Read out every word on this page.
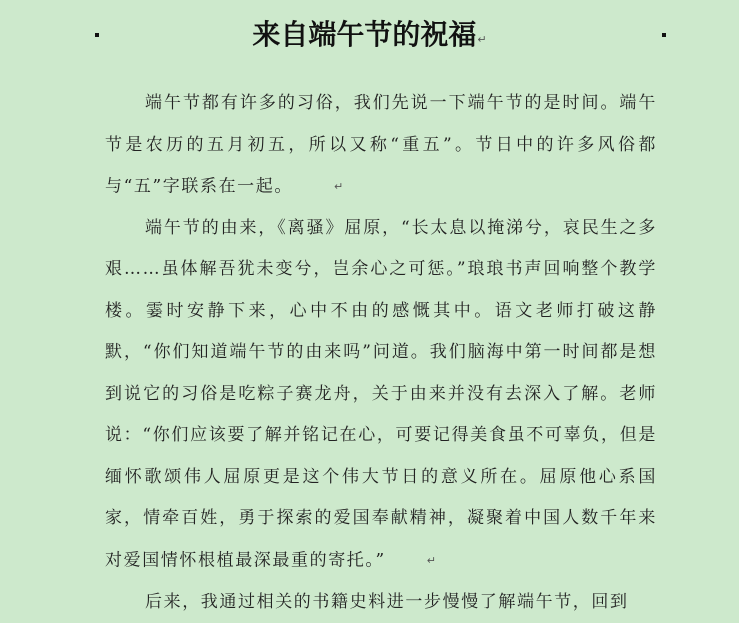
来自端午节的祝福↵

端午节都有许多的习俗，我们先说一下端午节的是时间。端午节是农历的五月初五，所以又称“重五”。节日中的许多风俗都与“五”字联系在一起。	↵

端午节的由来，《离骚》屈原，“长太息以掩涕兮，哀民生之多艰……虽体解吾犹未变兮，岂余心之可惩。”琅琅书声回响整个教学楼。霎时安静下来，心中不由的感慨其中。语文老师打破这静默，“你们知道端午节的由来吗”问道。我们脑海中第一时间都是想到说它的习俗是吃粽子赛龙舟，关于由来并没有去深入了解。老师说：“你们应该要了解并铭记在心，可要记得美食虽不可辜负，但是缅怀歌颂伟人屈原更是这个伟大节日的意义所在。屈原他心系国家，情牵百姓，勇于探索的爱国奉献精神，凝聚着中国人数千年来对爱国情怀根植最深最重的寄托。”	↵

后来，我通过相关的书籍史料进一步慢慢了解端午节，回到
